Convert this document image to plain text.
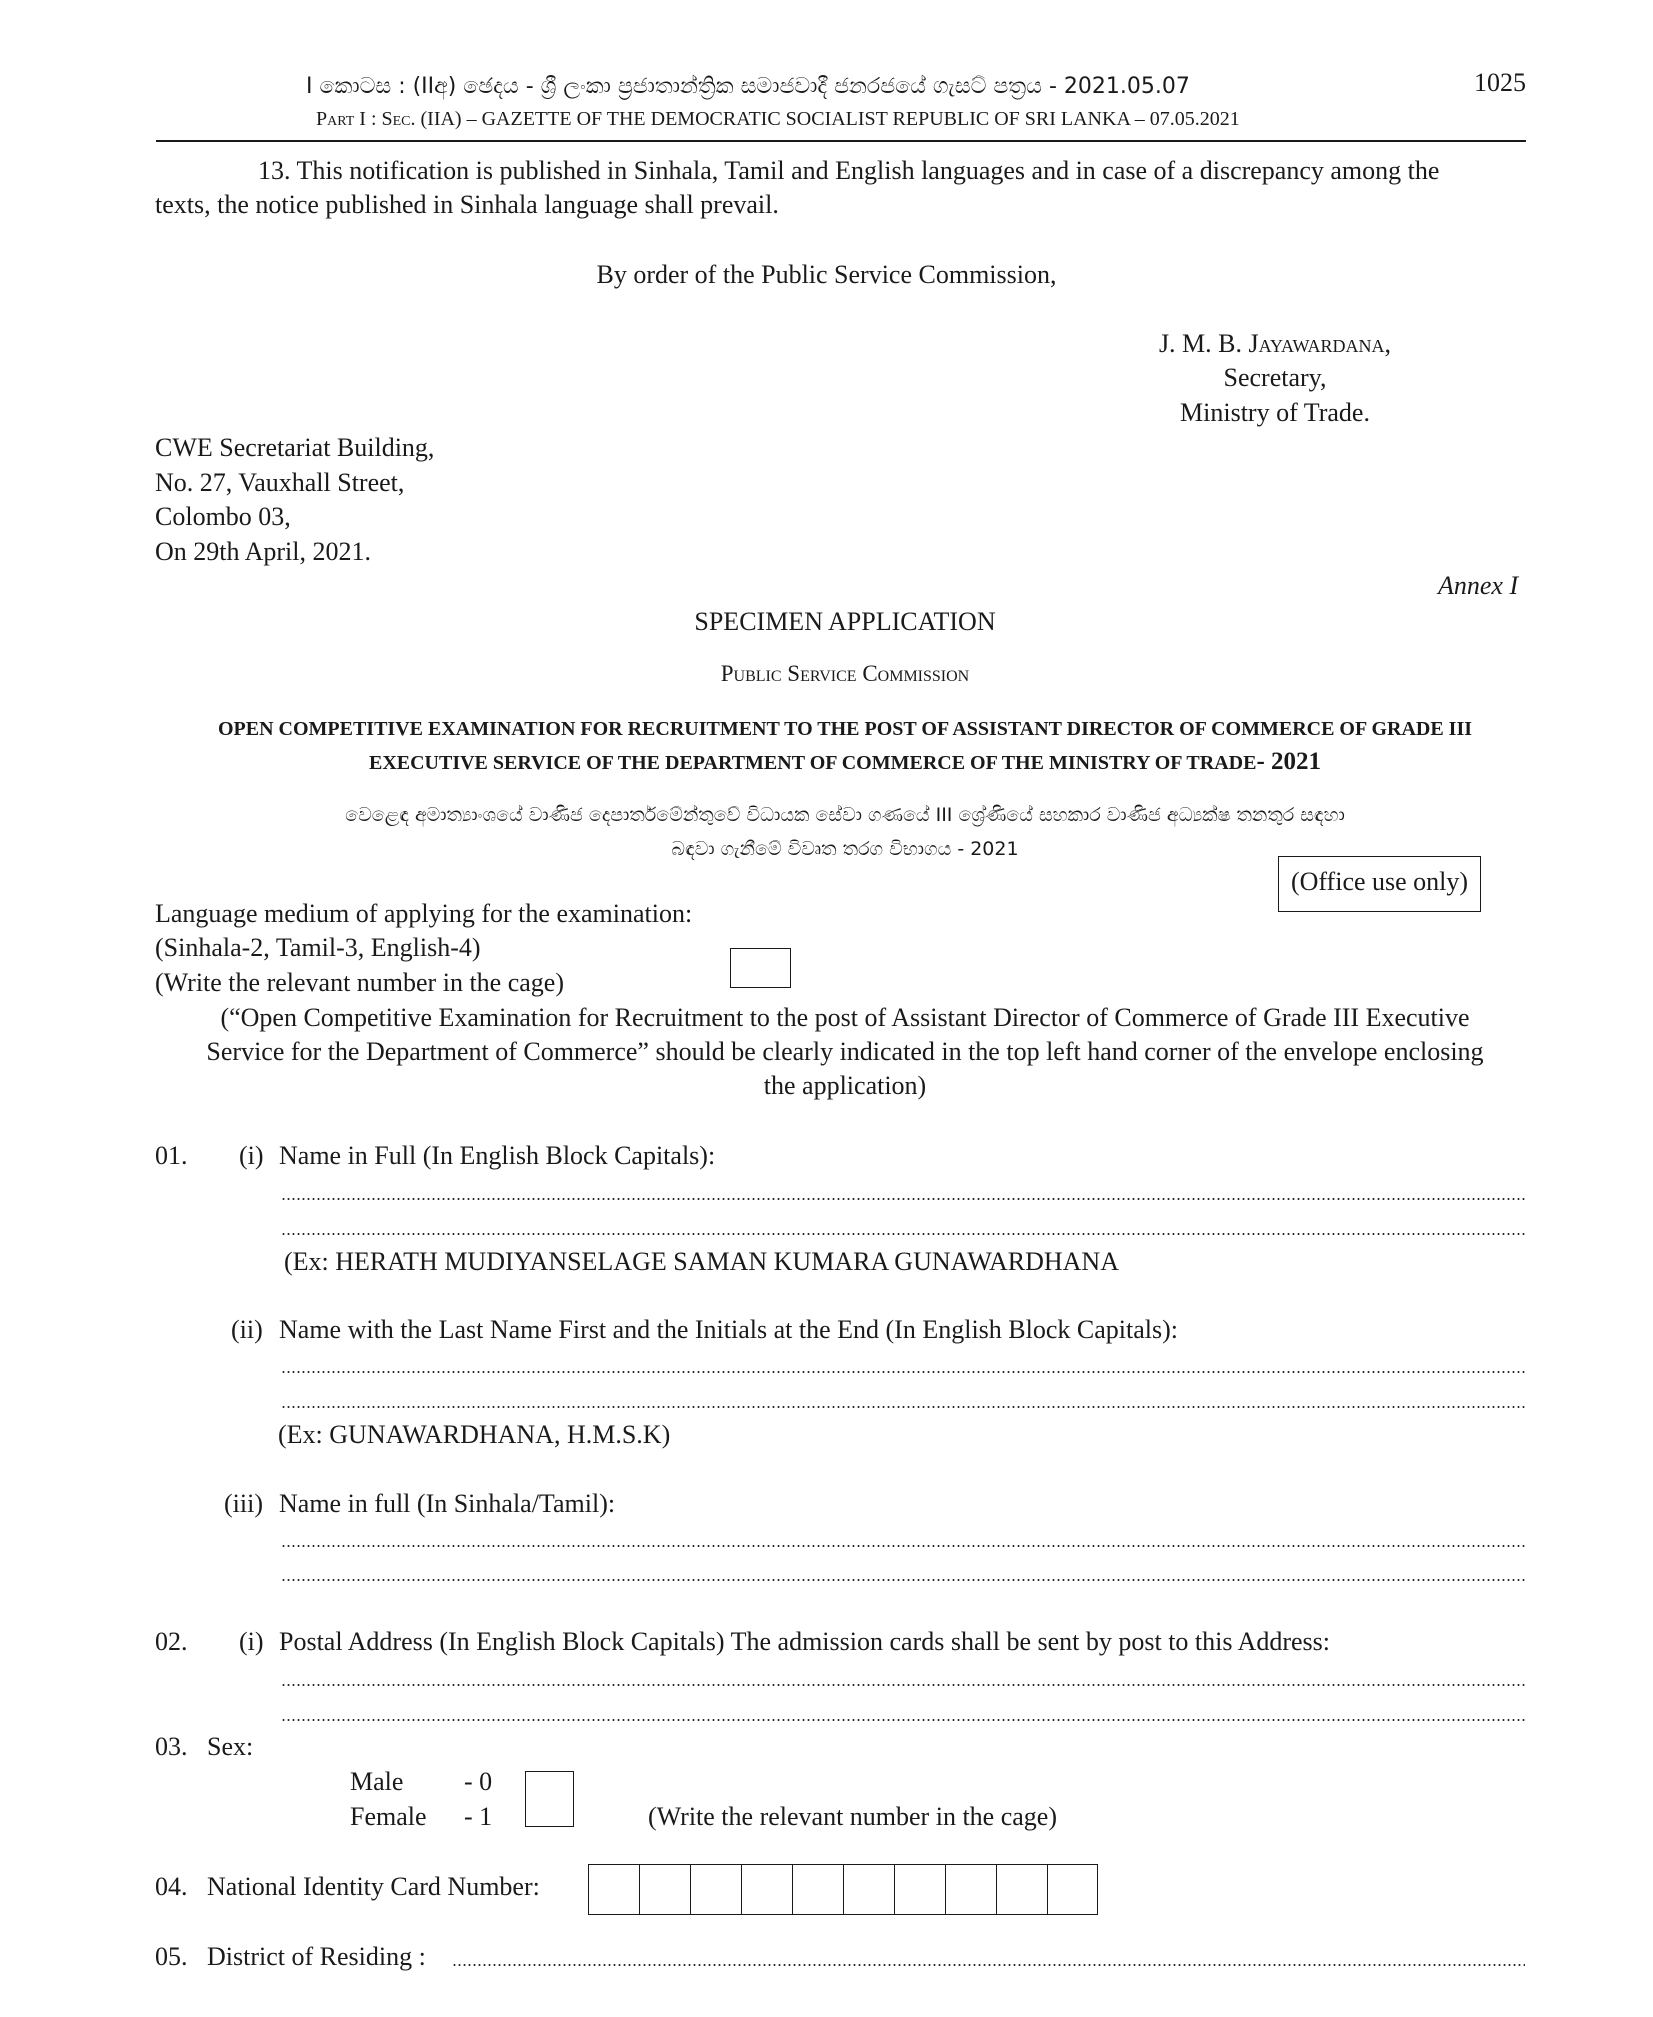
I කොටස : (IIඅ) ඡෙදය - ශ්‍රී ලංකා ප්‍රජාතාන්ත්‍රික සමාජවාදී ජනරජයේ ගැසට් පත්‍රය - 2021.05.07	1025
Part I : Sec. (IIA) – GAZETTE OF THE DEMOCRATIC SOCIALIST REPUBLIC OF SRI LANKA – 07.05.2021
13. This notification is published in Sinhala, Tamil and English languages and in case of a discrepancy among the
texts, the notice published in Sinhala language shall prevail.
By order of the Public Service Commission,
J. M. B. Jayawardana,
Secretary,
Ministry of Trade.
CWE Secretariat Building,
No. 27, Vauxhall Street,
Colombo 03,
On 29th April, 2021.
Annex I
SPECIMEN APPLICATION
Public Service Commission
OPEN COMPETITIVE EXAMINATION FOR RECRUITMENT TO THE POST OF ASSISTANT DIRECTOR OF COMMERCE OF GRADE III
EXECUTIVE SERVICE OF THE DEPARTMENT OF COMMERCE OF THE MINISTRY OF TRADE- 2021
වෙළෙඳ අමාත්‍යාංශයේ වාණිජ දෙපාර්තමේන්තුවේ විධායක සේවා ගණයේ III ශ්‍රේණියේ සහකාර වාණිජ අධ්‍යක්ෂ තනතුර සඳහා
බඳවා ගැනීමේ විවෘත තරග විභාගය - 2021
(Office use only)
Language medium of applying for the examination:
(Sinhala-2, Tamil-3, English-4)
(Write the relevant number in the cage)
(“Open Competitive Examination for Recruitment to the post of Assistant Director of Commerce of Grade III Executive
Service for the Department of Commerce” should be clearly indicated in the top left hand corner of the envelope enclosing
the application)
01. (i) Name in Full (In English Block Capitals):
(Ex: HERATH MUDIYANSELAGE SAMAN KUMARA GUNAWARDHANA
(ii) Name with the Last Name First and the Initials at the End (In English Block Capitals):
(Ex: GUNAWARDHANA, H.M.S.K)
(iii) Name in full (In Sinhala/Tamil):
02. (i) Postal Address (In English Block Capitals) The admission cards shall be sent by post to this Address:
03. Sex:
Male - 0
Female - 1	(Write the relevant number in the cage)
04. National Identity Card Number:
05. District of Residing :
